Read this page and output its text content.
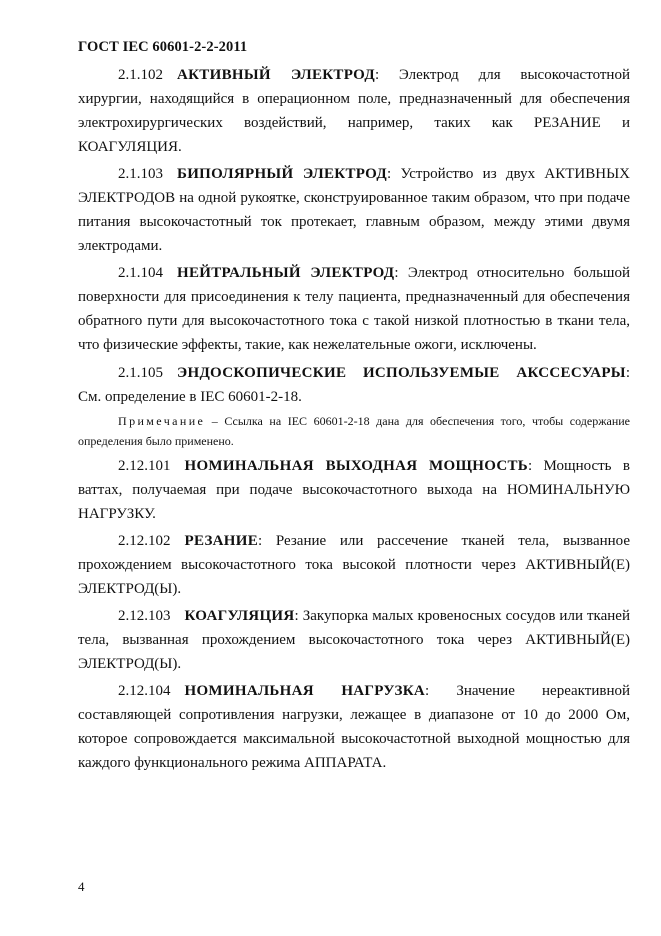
ГОСТ IEC 60601-2-2-2011

2.1.102 АКТИВНЫЙ ЭЛЕКТРОД: Электрод для высокочастотной хирургии, находящийся в операционном поле, предназначенный для обеспечения электрохирургических воздействий, например, таких как РЕЗАНИЕ и КОАГУЛЯЦИЯ.

2.1.103 БИПОЛЯРНЫЙ ЭЛЕКТРОД: Устройство из двух АКТИВНЫХ ЭЛЕКТРОДОВ на одной рукоятке, сконструированное таким образом, что при подаче питания высокочастотный ток протекает, главным образом, между этими двумя электродами.

2.1.104 НЕЙТРАЛЬНЫЙ ЭЛЕКТРОД: Электрод относительно большой поверхности для присоединения к телу пациента, предназначенный для обеспечения обратного пути для высокочастотного тока с такой низкой плотностью в ткани тела, что физические эффекты, такие, как нежелательные ожоги, исключены.

2.1.105 ЭНДОСКОПИЧЕСКИЕ ИСПОЛЬЗУЕМЫЕ АКССЕСУАРЫ: См. определение в IEC 60601-2-18.

Примечание – Ссылка на IEC 60601-2-18 дана для обеспечения того, чтобы содержание определения было применено.

2.12.101 НОМИНАЛЬНАЯ ВЫХОДНАЯ МОЩНОСТЬ: Мощность в ваттах, получаемая при подаче высокочастотного выхода на НОМИНАЛЬНУЮ НАГРУЗКУ.

2.12.102 РЕЗАНИЕ: Резание или рассечение тканей тела, вызванное прохождением высокочастотного тока высокой плотности через АКТИВНЫЙ(Е) ЭЛЕКТРОД(Ы).

2.12.103 КОАГУЛЯЦИЯ: Закупорка малых кровеносных сосудов или тканей тела, вызванная прохождением высокочастотного тока через АКТИВНЫЙ(Е) ЭЛЕКТРОД(Ы).

2.12.104 НОМИНАЛЬНАЯ НАГРУЗКА: Значение нереактивной составляющей сопротивления нагрузки, лежащее в диапазоне от 10 до 2000 Ом, которое сопровождается максимальной высокочастотной выходной мощностью для каждого функционального режима АППАРАТА.

4
